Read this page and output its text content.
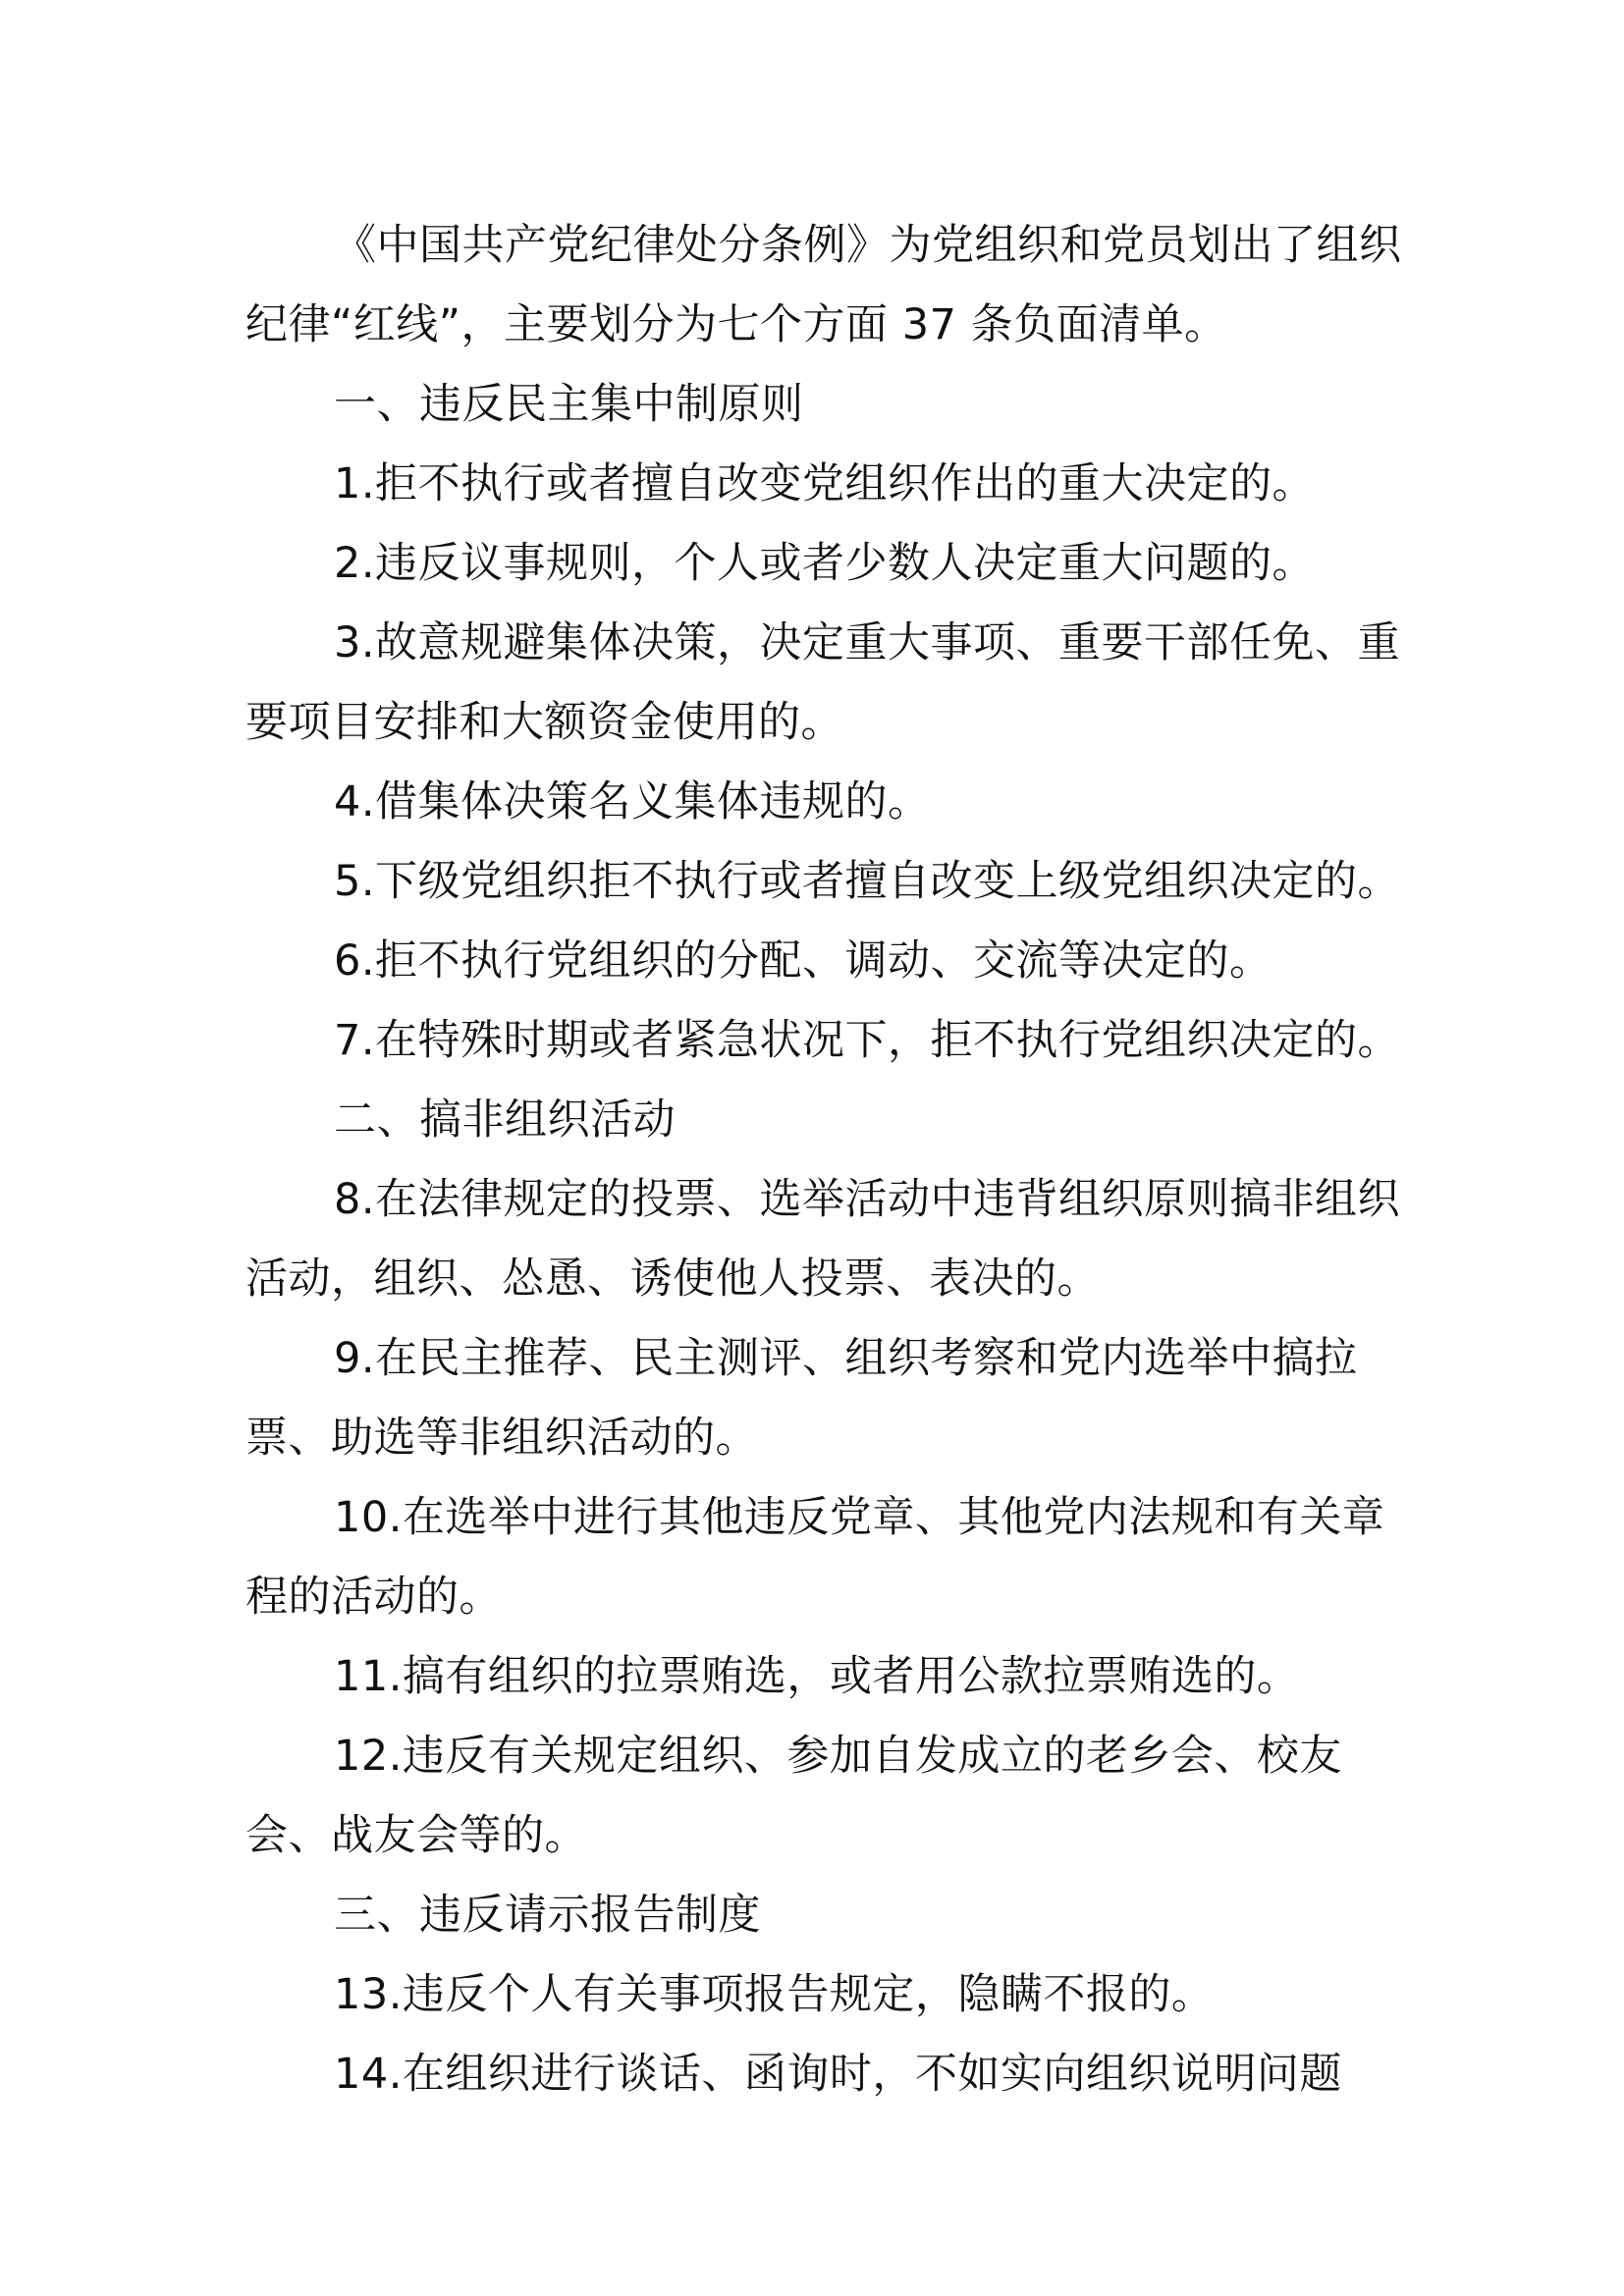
《中国共产党纪律处分条例》为党组织和党员划出了组织纪律“红线”，主要划分为七个方面 37 条负面清单。

一、违反民主集中制原则

1.拒不执行或者擅自改变党组织作出的重大决定的。

2.违反议事规则，个人或者少数人决定重大问题的。

3.故意规避集体决策，决定重大事项、重要干部任免、重要项目安排和大额资金使用的。

4.借集体决策名义集体违规的。

5.下级党组织拒不执行或者擅自改变上级党组织决定的。

6.拒不执行党组织的分配、调动、交流等决定的。

7.在特殊时期或者紧急状况下，拒不执行党组织决定的。

二、搞非组织活动

8.在法律规定的投票、选举活动中违背组织原则搞非组织活动，组织、怂恿、诱使他人投票、表决的。

9.在民主推荐、民主测评、组织考察和党内选举中搞拉票、助选等非组织活动的。

10.在选举中进行其他违反党章、其他党内法规和有关章程的活动的。

11.搞有组织的拉票贿选，或者用公款拉票贿选的。

12.违反有关规定组织、参加自发成立的老乡会、校友会、战友会等的。

三、违反请示报告制度

13.违反个人有关事项报告规定，隐瞒不报的。

14.在组织进行谈话、函询时，不如实向组织说明问题
